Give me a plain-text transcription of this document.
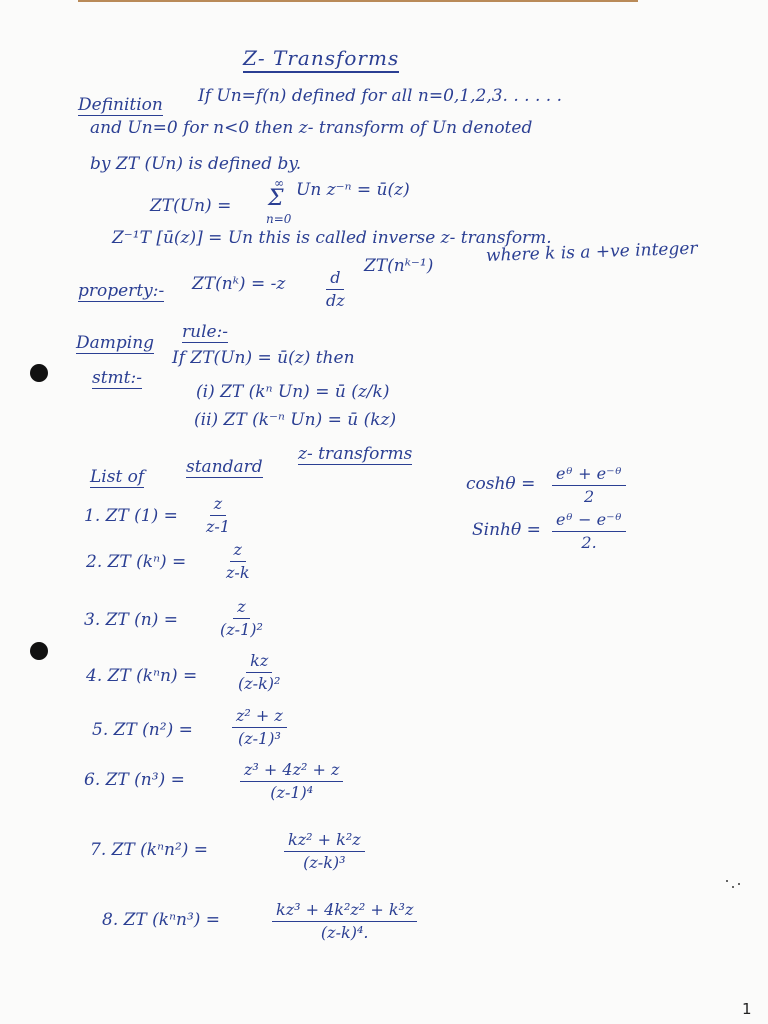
Z- Transforms
Definition If Un=f(n) defined for all n=0,1,2,3. . . . . .
and Un=0 for n<0 then z- transform of Un denoted
by ZT (Un) is defined by.
ZT(Un) =
∞
Σ
n=0
Un z⁻ⁿ = ū(z)
Z⁻¹T [ū(z)] = Un this is called inverse z- transform.
property:- ZT(nᵏ) = $-z \frac{d}{dz}$
ZT(nᵏ⁻¹)
where k is a +ve integer
Damping
rule:-
stmt:-
If ZT(Un) = ū(z) then
(i) ZT (kⁿ Un) = ū (z/k)
(ii) ZT (k⁻ⁿ Un) = ū (kz)
List of standard
z- transforms
$\cosh\theta = \frac{\text{eᶿ + e⁻ᶿ}}{2}$
Sinhθ = $\frac{\text{eᶿ − e⁻ᶿ}}{2.}$
1. ZT $(1) = \frac{z}{z-1}$
2. ZT $(k^n) = \frac{z}{z-k}$
3. ZT $(n) = \frac{z}{\text{(z-1)²}}$
4. ZT $(k^nn) = \frac{kz}{\text{(z-k)²}}$
5. ZT $(n^2) = \frac{\text{z² + z}}{\text{(z-1)³}}$
6. ZT (n³) =	$\frac{\text{z³ + 4z² + z}}{\text{(z-1)⁴}}$
7. ZT (kⁿn²) =	$\frac{\text{kz² + k²z}}{\text{(z-k)³}}$
8. ZT (kⁿn³) =	$\frac{\text{kz³ + 4k²z² + k³z}}{\text{(z-k)⁴.}}$
1
